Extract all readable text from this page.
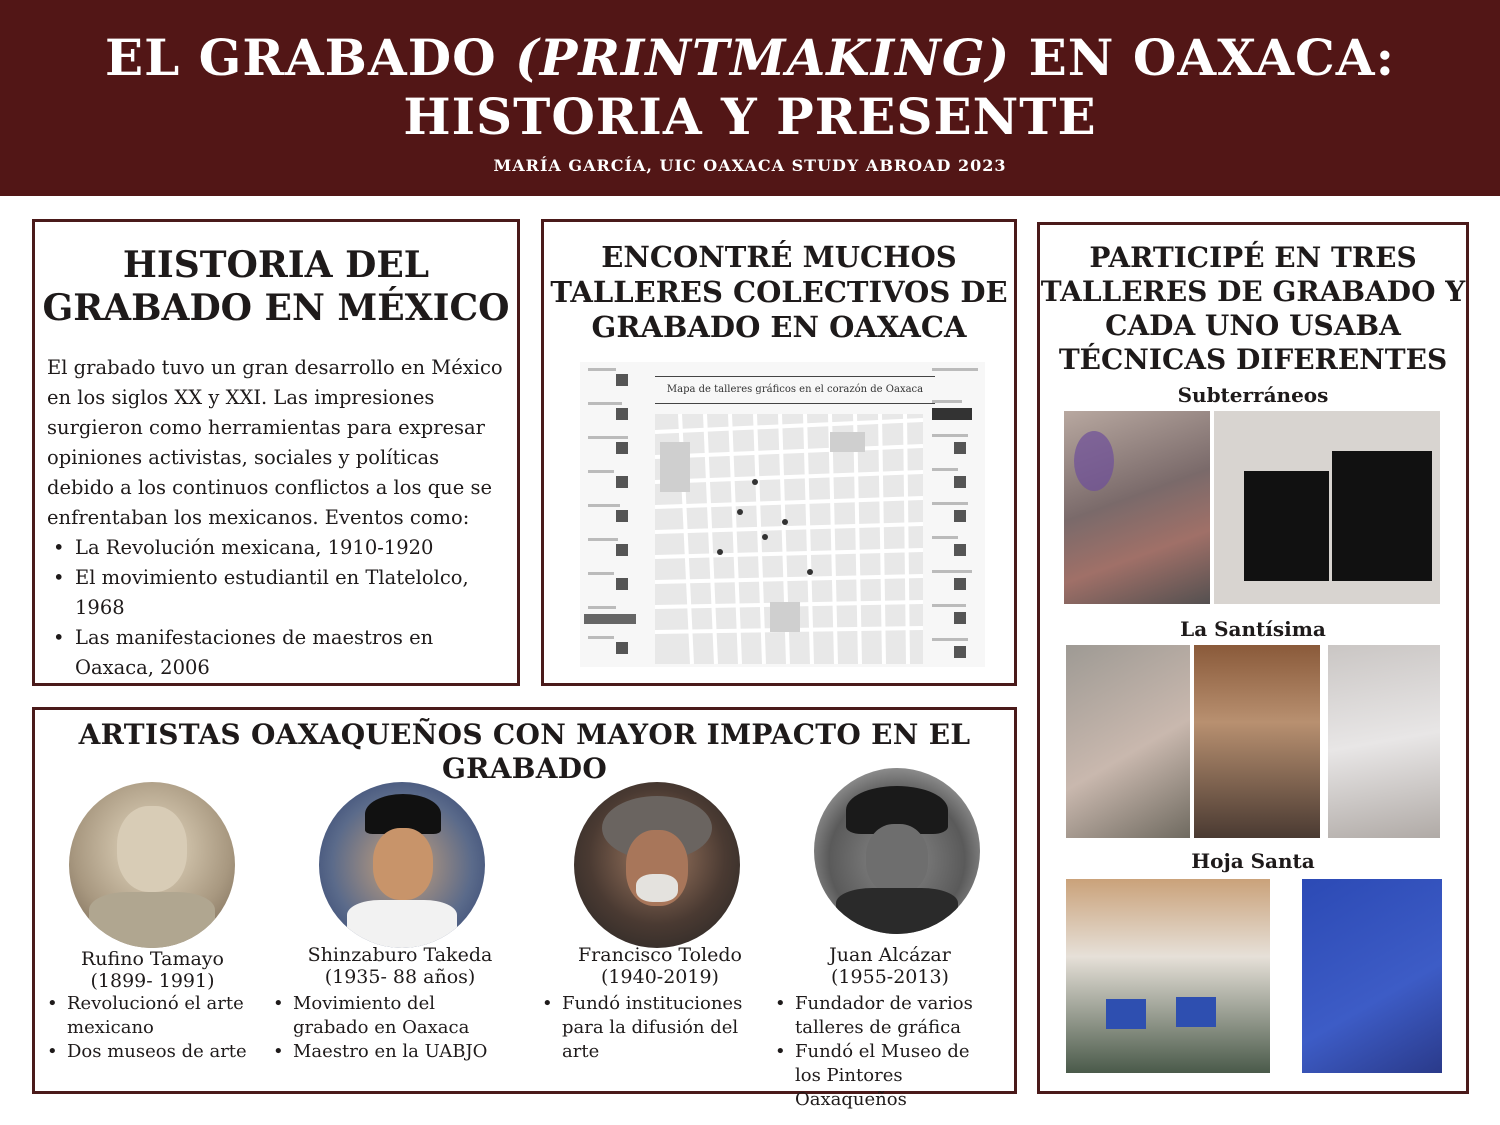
EL GRABADO (PRINTMAKING) EN OAXACA:
HISTORIA Y PRESENTE
MARÍA GARCÍA, UIC OAXACA STUDY ABROAD 2023
HISTORIA DEL GRABADO EN MÉXICO
El grabado tuvo un gran desarrollo en México en los siglos XX y XXI. Las impresiones surgieron como herramientas para expresar opiniones activistas, sociales y políticas debido a los continuos conflictos a los que se enfrentaban los mexicanos. Eventos como:
• La Revolución mexicana, 1910-1920
• El movimiento estudiantil en Tlatelolco, 1968
• Las manifestaciones de maestros en Oaxaca, 2006
ENCONTRÉ MUCHOS TALLERES COLECTIVOS DE GRABADO EN OAXACA
Mapa de talleres gráficos en el corazón de Oaxaca
PARTICIPÉ EN TRES TALLERES DE GRABADO Y CADA UNO USABA TÉCNICAS DIFERENTES
Subterráneos
La Santísima
Hoja Santa
ARTISTAS OAXAQUEÑOS CON MAYOR IMPACTO EN EL GRABADO
Rufino Tamayo
(1899- 1991)
• Revolucionó el arte mexicano
• Dos museos de arte
Shinzaburo Takeda
(1935- 88 años)
• Movimiento del grabado en Oaxaca
• Maestro en la UABJO
Francisco Toledo
(1940-2019)
• Fundó instituciones para la difusión del arte
Juan Alcázar
(1955-2013)
• Fundador de varios talleres de gráfica
• Fundó el Museo de los Pintores Oaxaqueños
